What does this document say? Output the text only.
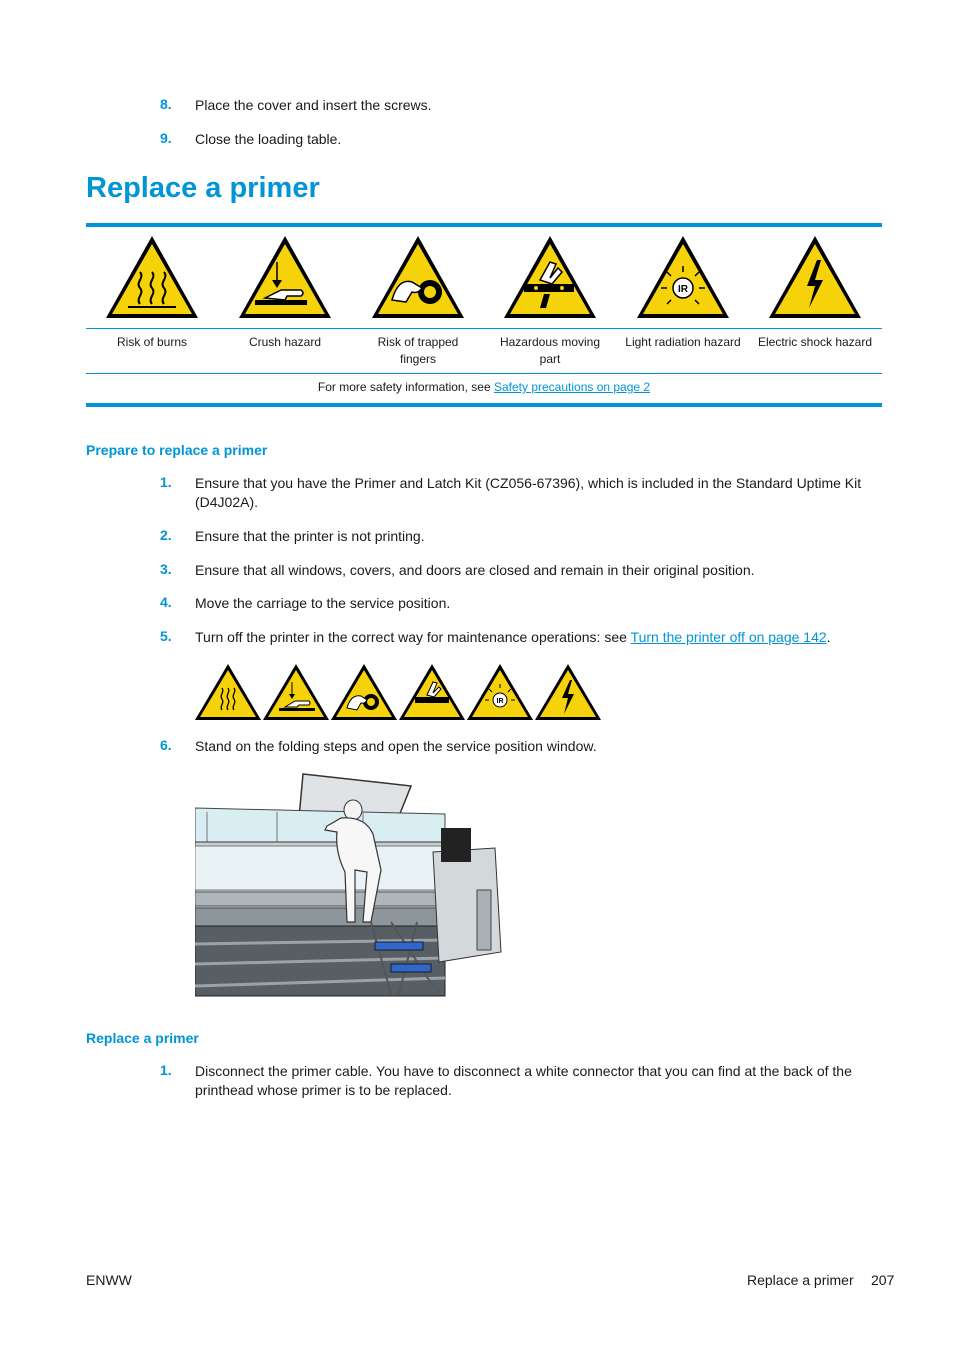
8.	Place the cover and insert the screws.
9.	Close the loading table.
Replace a primer
IR
Risk of burns	Crush hazard	Risk of trapped fingers
Hazardous moving part
Light radiation hazard	Electric shock hazard
For more safety information, see Safety precautions on page 2
Prepare to replace a primer
1.	Ensure that you have the Primer and Latch Kit (CZ056-67396), which is included in the Standard Uptime Kit (D4J02A).
2.	Ensure that the printer is not printing.
3.	Ensure that all windows, covers, and doors are closed and remain in their original position.
4.	Move the carriage to the service position.
5.	Turn off the printer in the correct way for maintenance operations: see Turn the printer off on page 142.
IR
6.	Stand on the folding steps and open the service position window.
Replace a primer
1.	Disconnect the primer cable. You have to disconnect a white connector that you can find at the back of the printhead whose primer is to be replaced.
ENWW	Replace a primer 207
